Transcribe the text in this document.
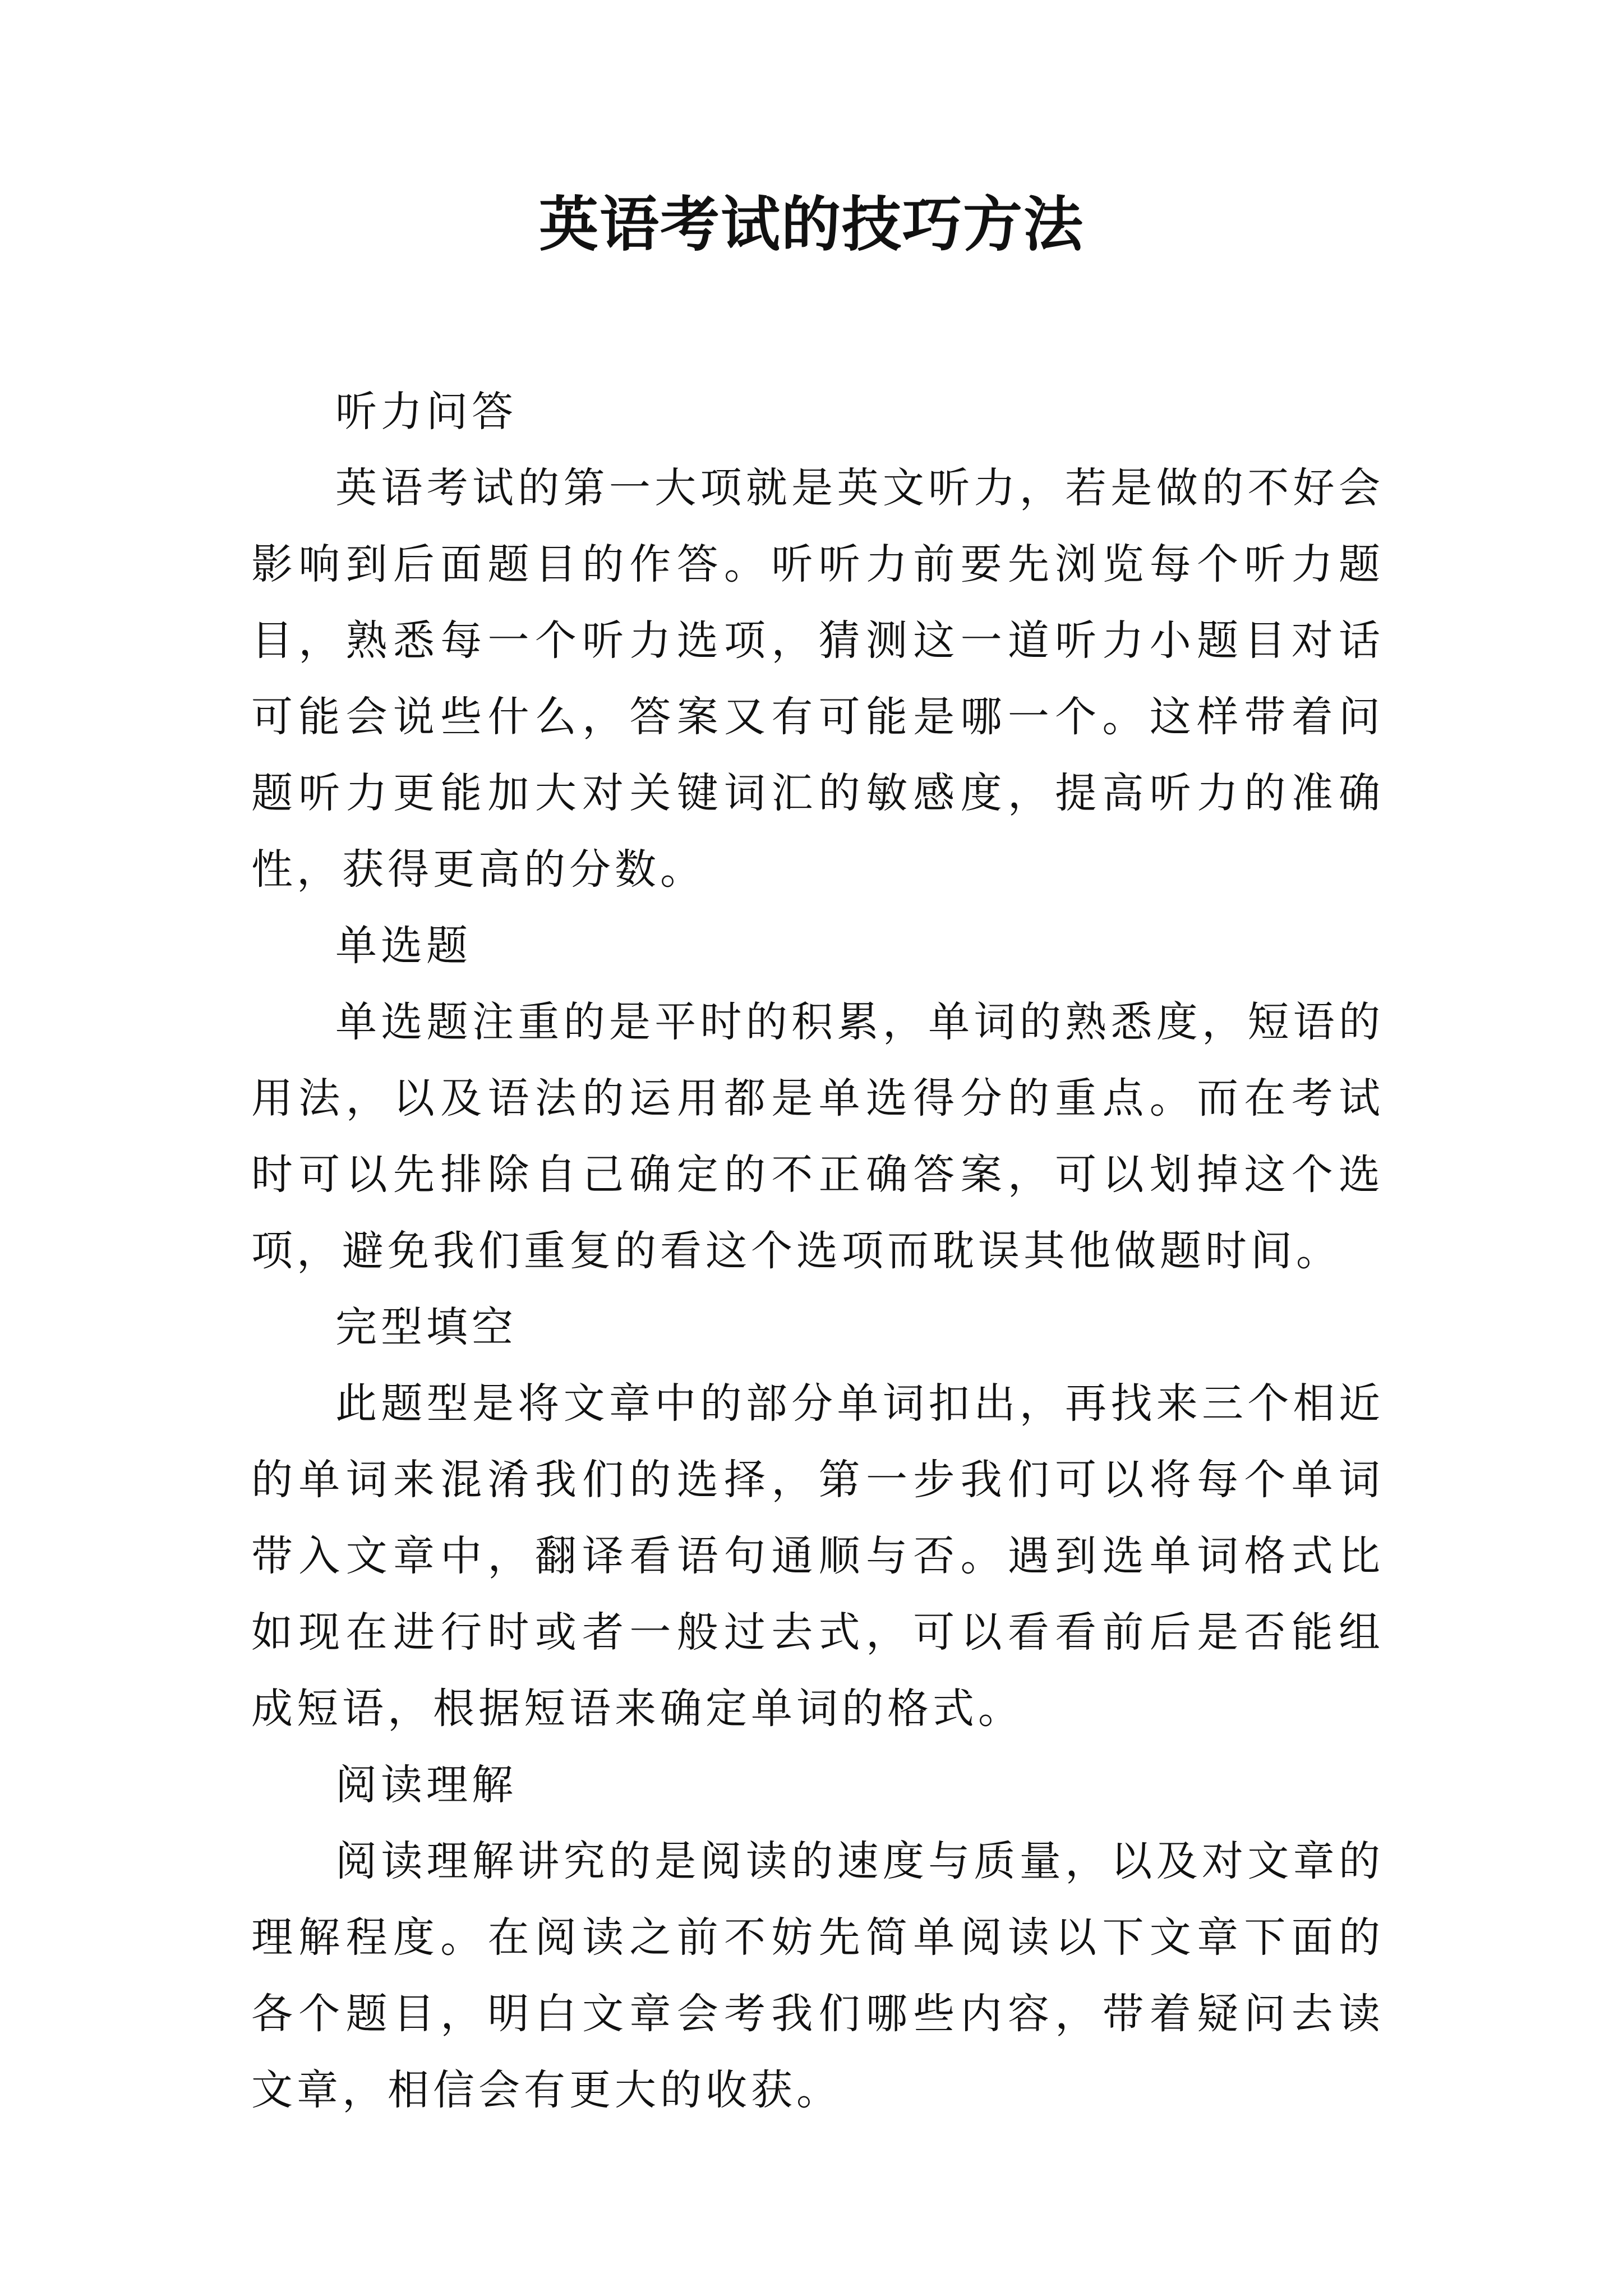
英语考试的技巧方法

听力问答

英语考试的第一大项就是英文听力，若是做的不好会影响到后面题目的作答。听听力前要先浏览每个听力题目，熟悉每一个听力选项，猜测这一道听力小题目对话可能会说些什么，答案又有可能是哪一个。这样带着问题听力更能加大对关键词汇的敏感度，提高听力的准确性，获得更高的分数。

单选题

单选题注重的是平时的积累，单词的熟悉度，短语的用法，以及语法的运用都是单选得分的重点。而在考试时可以先排除自己确定的不正确答案，可以划掉这个选项，避免我们重复的看这个选项而耽误其他做题时间。

完型填空

此题型是将文章中的部分单词扣出，再找来三个相近的单词来混淆我们的选择，第一步我们可以将每个单词带入文章中，翻译看语句通顺与否。遇到选单词格式比如现在进行时或者一般过去式，可以看看前后是否能组成短语，根据短语来确定单词的格式。

阅读理解

阅读理解讲究的是阅读的速度与质量，以及对文章的理解程度。在阅读之前不妨先简单阅读以下文章下面的各个题目，明白文章会考我们哪些内容，带着疑问去读文章，相信会有更大的收获。
